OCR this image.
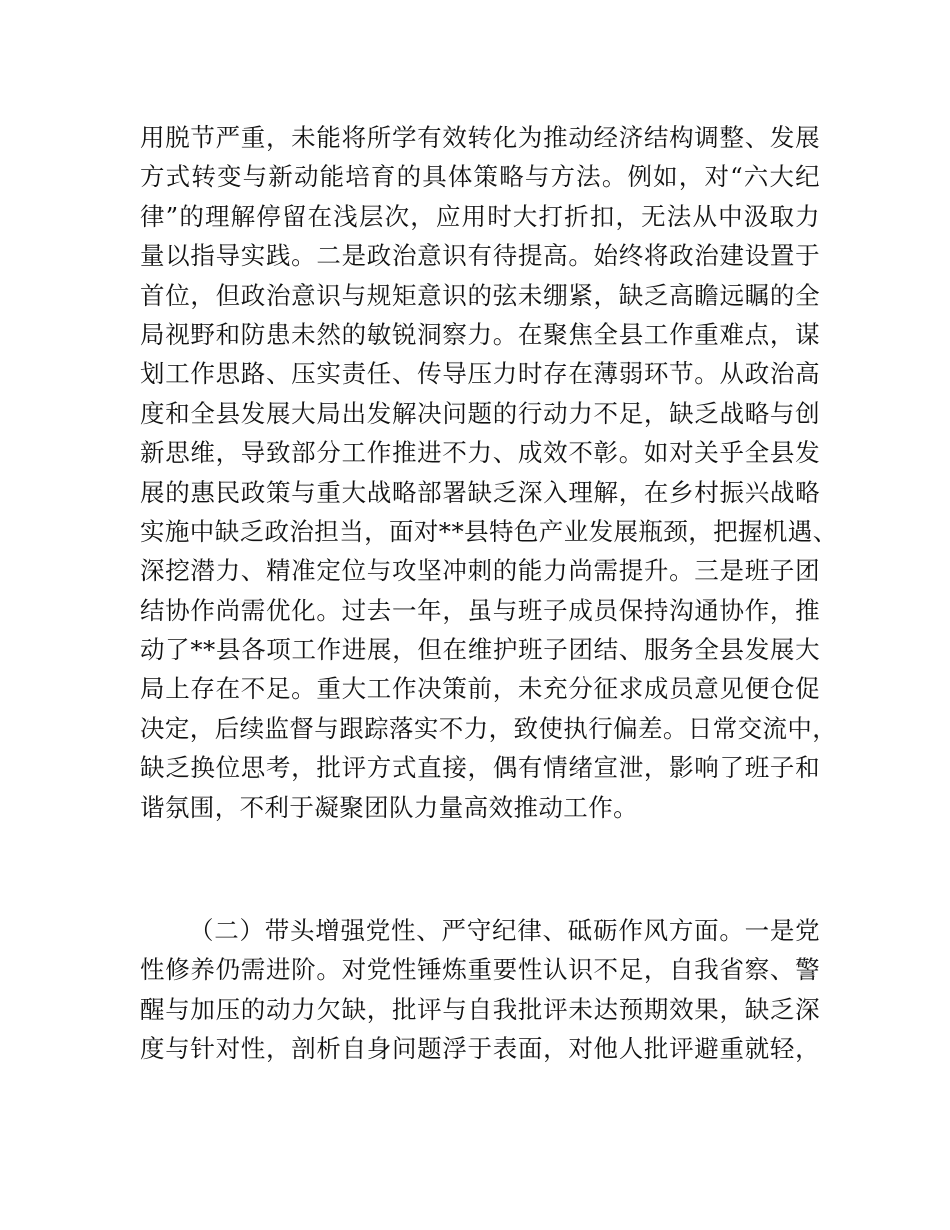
用脱节严重，未能将所学有效转化为推动经济结构调整、发展
方式转变与新动能培育的具体策略与方法。例如，对“六大纪
律”的理解停留在浅层次，应用时大打折扣，无法从中汲取力
量以指导实践。二是政治意识有待提高。始终将政治建设置于
首位，但政治意识与规矩意识的弦未绷紧，缺乏高瞻远瞩的全
局视野和防患未然的敏锐洞察力。在聚焦全县工作重难点，谋
划工作思路、压实责任、传导压力时存在薄弱环节。从政治高
度和全县发展大局出发解决问题的行动力不足，缺乏战略与创
新思维，导致部分工作推进不力、成效不彰。如对关乎全县发
展的惠民政策与重大战略部署缺乏深入理解，在乡村振兴战略
实施中缺乏政治担当，面对**县特色产业发展瓶颈，把握机遇、
深挖潜力、精准定位与攻坚冲刺的能力尚需提升。三是班子团
结协作尚需优化。过去一年，虽与班子成员保持沟通协作，推
动了**县各项工作进展，但在维护班子团结、服务全县发展大
局上存在不足。重大工作决策前，未充分征求成员意见便仓促
决定，后续监督与跟踪落实不力，致使执行偏差。日常交流中，
缺乏换位思考，批评方式直接，偶有情绪宣泄，影响了班子和
谐氛围，不利于凝聚团队力量高效推动工作。
（二）带头增强党性、严守纪律、砥砺作风方面。一是党
性修养仍需进阶。对党性锤炼重要性认识不足，自我省察、警
醒与加压的动力欠缺，批评与自我批评未达预期效果，缺乏深
度与针对性，剖析自身问题浮于表面，对他人批评避重就轻，
